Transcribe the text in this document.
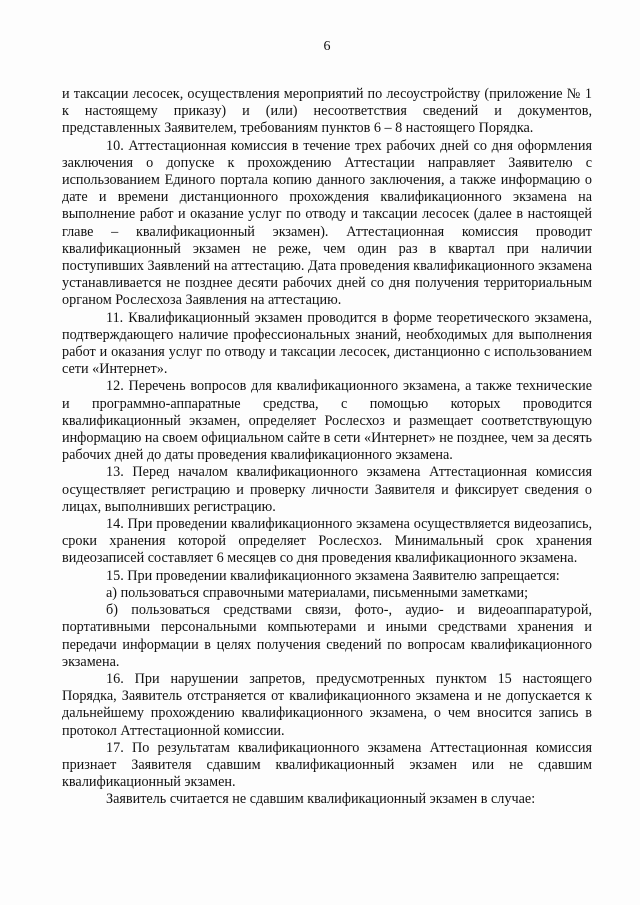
6

и таксации лесосек, осуществления мероприятий по лесоустройству (приложение № 1 к настоящему приказу) и (или) несоответствия сведений и документов, представленных Заявителем, требованиям пунктов 6 – 8 настоящего Порядка.

10. Аттестационная комиссия в течение трех рабочих дней со дня оформления заключения о допуске к прохождению Аттестации направляет Заявителю с использованием Единого портала копию данного заключения, а также информацию о дате и времени дистанционного прохождения квалификационного экзамена на выполнение работ и оказание услуг по отводу и таксации лесосек (далее в настоящей главе – квалификационный экзамен). Аттестационная комиссия проводит квалификационный экзамен не реже, чем один раз в квартал при наличии поступивших Заявлений на аттестацию. Дата проведения квалификационного экзамена устанавливается не позднее десяти рабочих дней со дня получения территориальным органом Рослесхоза Заявления на аттестацию.

11. Квалификационный экзамен проводится в форме теоретического экзамена, подтверждающего наличие профессиональных знаний, необходимых для выполнения работ и оказания услуг по отводу и таксации лесосек, дистанционно с использованием сети «Интернет».

12. Перечень вопросов для квалификационного экзамена, а также технические и программно-аппаратные средства, с помощью которых проводится квалификационный экзамен, определяет Рослесхоз и размещает соответствующую информацию на своем официальном сайте в сети «Интернет» не позднее, чем за десять рабочих дней до даты проведения квалификационного экзамена.

13. Перед началом квалификационного экзамена Аттестационная комиссия осуществляет регистрацию и проверку личности Заявителя и фиксирует сведения о лицах, выполнивших регистрацию.

14. При проведении квалификационного экзамена осуществляется видеозапись, сроки хранения которой определяет Рослесхоз. Минимальный срок хранения видеозаписей составляет 6 месяцев со дня проведения квалификационного экзамена.

15. При проведении квалификационного экзамена Заявителю запрещается:

а) пользоваться справочными материалами, письменными заметками;

б) пользоваться средствами связи, фото-, аудио- и видеоаппаратурой, портативными персональными компьютерами и иными средствами хранения и передачи информации в целях получения сведений по вопросам квалификационного экзамена.

16. При нарушении запретов, предусмотренных пунктом 15 настоящего Порядка, Заявитель отстраняется от квалификационного экзамена и не допускается к дальнейшему прохождению квалификационного экзамена, о чем вносится запись в протокол Аттестационной комиссии.

17. По результатам квалификационного экзамена Аттестационная комиссия признает Заявителя сдавшим квалификационный экзамен или не сдавшим квалификационный экзамен.

Заявитель считается не сдавшим квалификационный экзамен в случае:
